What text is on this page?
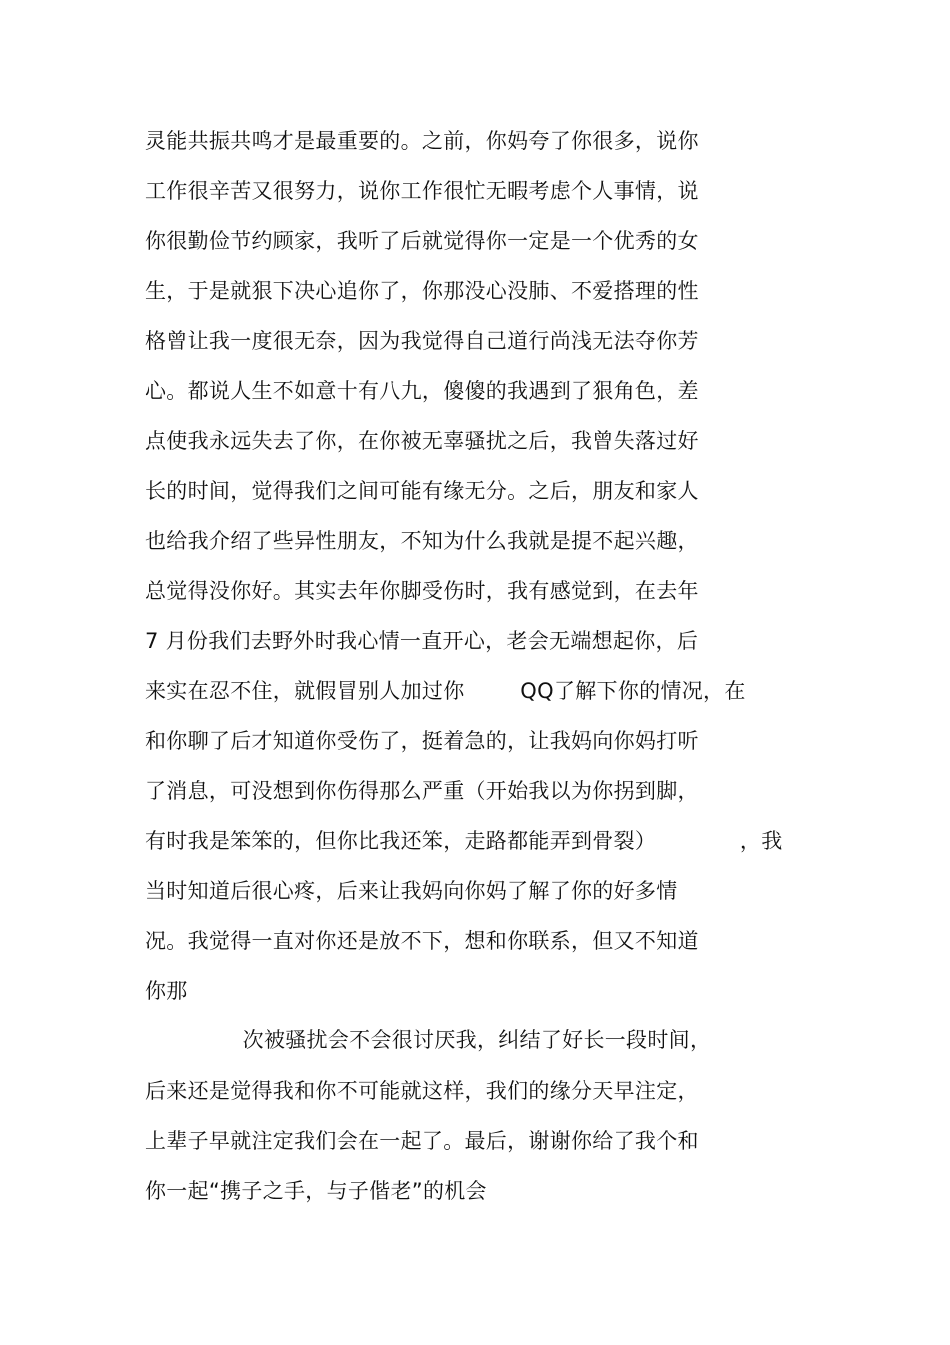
灵能共振共鸣才是最重要的。之前，你妈夸了你很多，说你
工作很辛苦又很努力，说你工作很忙无暇考虑个人事情，说
你很勤俭节约顾家，我听了后就觉得你一定是一个优秀的女
生，于是就狠下决心追你了，你那没心没肺、不爱搭理的性
格曾让我一度很无奈，因为我觉得自己道行尚浅无法夺你芳
心。都说人生不如意十有八九，傻傻的我遇到了狠角色，差
点使我永远失去了你，在你被无辜骚扰之后，我曾失落过好
长的时间，觉得我们之间可能有缘无分。之后，朋友和家人
也给我介绍了些异性朋友，不知为什么我就是提不起兴趣，
总觉得没你好。其实去年你脚受伤时，我有感觉到，在去年
7 月份我们去野外时我心情一直开心，老会无端想起你，后
来实在忍不住，就假冒别人加过你        QQ了解下你的情况，在
和你聊了后才知道你受伤了，挺着急的，让我妈向你妈打听
了消息，可没想到你伤得那么严重（开始我以为你拐到脚，
有时我是笨笨的，但你比我还笨，走路都能弄到骨裂）            ，我
当时知道后很心疼，后来让我妈向你妈了解了你的好多情
况。我觉得一直对你还是放不下，想和你联系，但又不知道
你那
次被骚扰会不会很讨厌我，纠结了好长一段时间，
后来还是觉得我和你不可能就这样，我们的缘分天早注定，
上辈子早就注定我们会在一起了。最后，谢谢你给了我个和
你一起“携子之手，与子偕老”的机会
